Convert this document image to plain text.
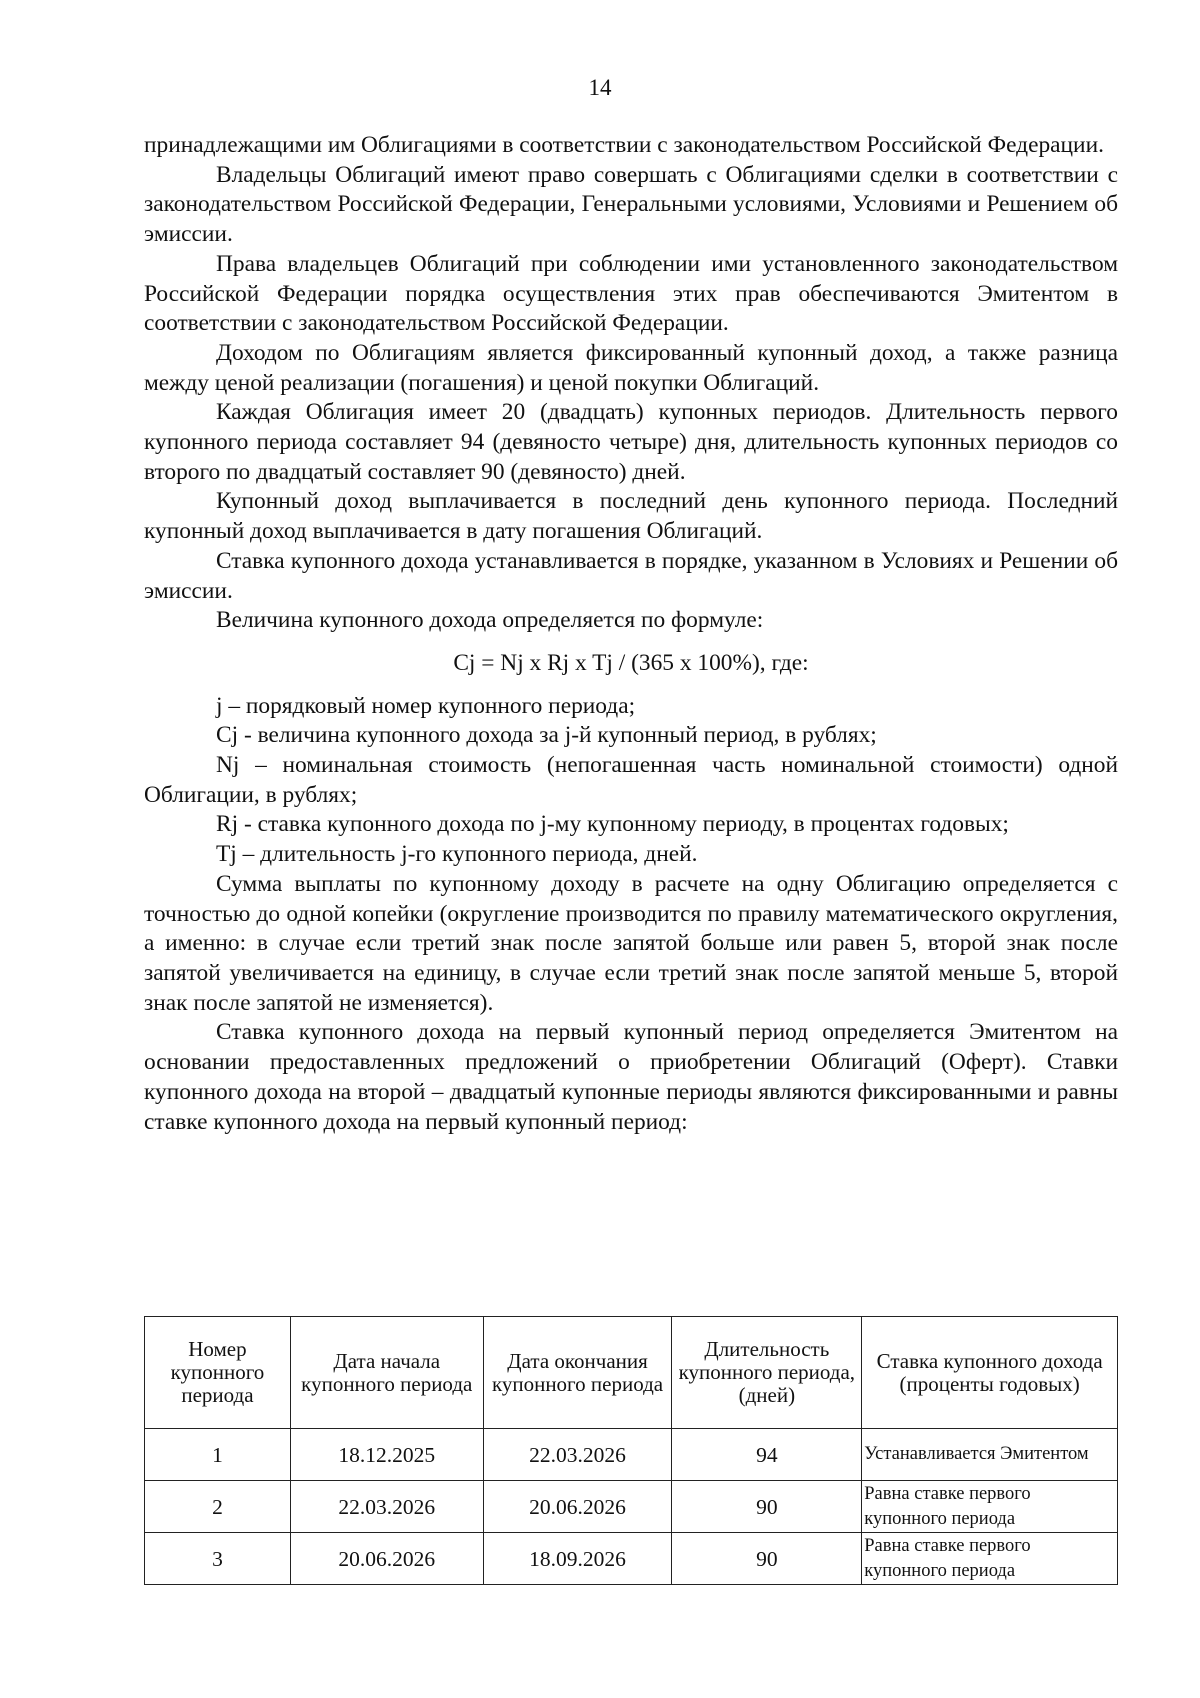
14

принадлежащими им Облигациями в соответствии с законодательством Российской Федерации.

Владельцы Облигаций имеют право совершать с Облигациями сделки в соответствии с законодательством Российской Федерации, Генеральными условиями, Условиями и Решением об эмиссии.

Права владельцев Облигаций при соблюдении ими установленного законодательством Российской Федерации порядка осуществления этих прав обеспечиваются Эмитентом в соответствии с законодательством Российской Федерации.

Доходом по Облигациям является фиксированный купонный доход, а также разница между ценой реализации (погашения) и ценой покупки Облигаций.

Каждая Облигация имеет 20 (двадцать) купонных периодов. Длительность первого купонного периода составляет 94 (девяносто четыре) дня, длительность купонных периодов со второго по двадцатый составляет 90 (девяносто) дней.

Купонный доход выплачивается в последний день купонного периода. Последний купонный доход выплачивается в дату погашения Облигаций.

Ставка купонного дохода устанавливается в порядке, указанном в Условиях и Решении об эмиссии.

Величина купонного дохода определяется по формуле:

Cj = Nj x Rj x Tj / (365 x 100%), где:

j – порядковый номер купонного периода;

Cj - величина купонного дохода за j-й купонный период, в рублях;

Nj – номинальная стоимость (непогашенная часть номинальной стоимости) одной Облигации, в рублях;

Rj - ставка купонного дохода по j-му купонному периоду, в процентах годовых;

Tj – длительность j-го купонного периода, дней.

Сумма выплаты по купонному доходу в расчете на одну Облигацию определяется с точностью до одной копейки (округление производится по правилу математического округления, а именно: в случае если третий знак после запятой больше или равен 5, второй знак после запятой увеличивается на единицу, в случае если третий знак после запятой меньше 5, второй знак после запятой не изменяется).

Ставка купонного дохода на первый купонный период определяется Эмитентом на основании предоставленных предложений о приобретении Облигаций (Оферт). Ставки купонного дохода на второй – двадцатый купонные периоды являются фиксированными и равны ставке купонного дохода на первый купонный период:

Номер купонного периода	Дата начала купонного периода	Дата окончания купонного периода	Длительность купонного периода, (дней)	Ставка купонного дохода (проценты годовых)
1	18.12.2025	22.03.2026	94	Устанавливается Эмитентом
2	22.03.2026	20.06.2026	90	Равна ставке первого купонного периода
3	20.06.2026	18.09.2026	90	Равна ставке первого купонного периода
